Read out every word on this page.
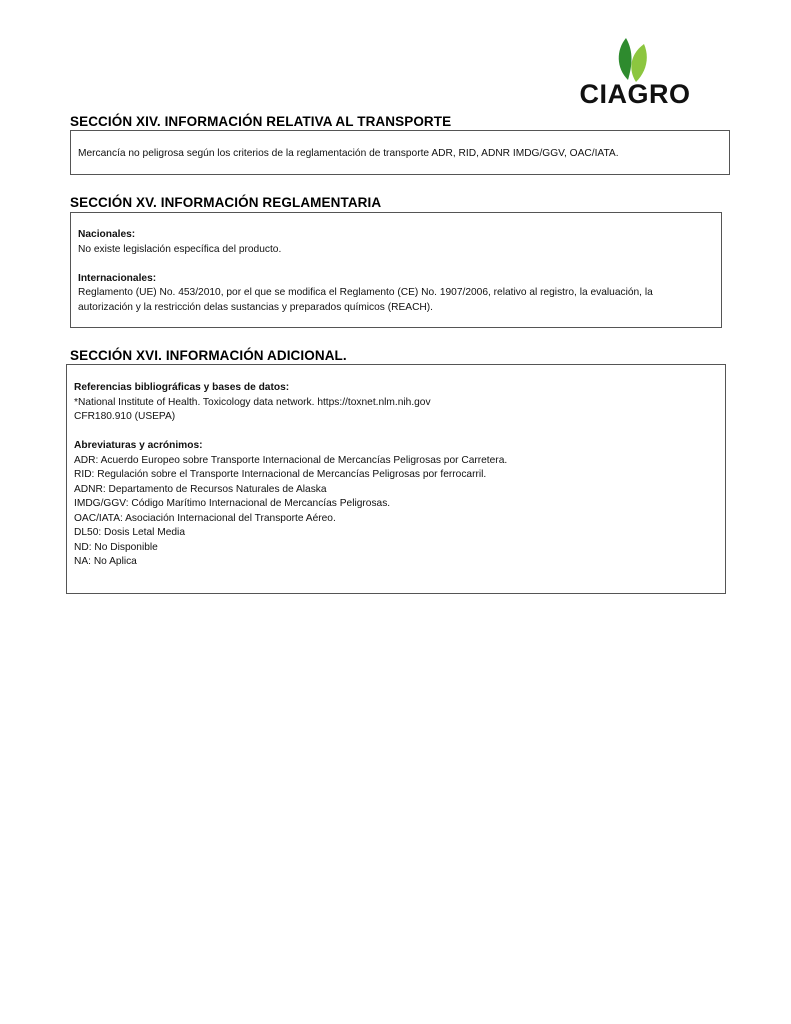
CIAGRO
SECCIÓN XIV. INFORMACIÓN RELATIVA AL TRANSPORTE

Mercancía no peligrosa según los criterios de la reglamentación de transporte ADR, RID, ADNR IMDG/GGV, OAC/IATA.

SECCIÓN XV. INFORMACIÓN REGLAMENTARIA

Nacionales:

No existe legislación específica del producto.

Internacionales:

Reglamento (UE) No. 453/2010, por el que se modifica el Reglamento (CE) No. 1907/2006, relativo al registro, la evaluación, la

autorización y la restricción delas sustancias y preparados químicos (REACH).

SECCIÓN XVI. INFORMACIÓN ADICIONAL.

Referencias bibliográficas y bases de datos:

*National Institute of Health. Toxicology data network. https://toxnet.nlm.nih.gov

CFR180.910 (USEPA)

Abreviaturas y acrónimos:

ADR: Acuerdo Europeo sobre Transporte Internacional de Mercancías Peligrosas por Carretera.

RID: Regulación sobre el Transporte Internacional de Mercancías Peligrosas por ferrocarril.

ADNR: Departamento de Recursos Naturales de Alaska

IMDG/GGV: Código Marítimo Internacional de Mercancías Peligrosas.

OAC/IATA: Asociación Internacional del Transporte Aéreo.

DL50: Dosis Letal Media

ND: No Disponible

NA: No Aplica
